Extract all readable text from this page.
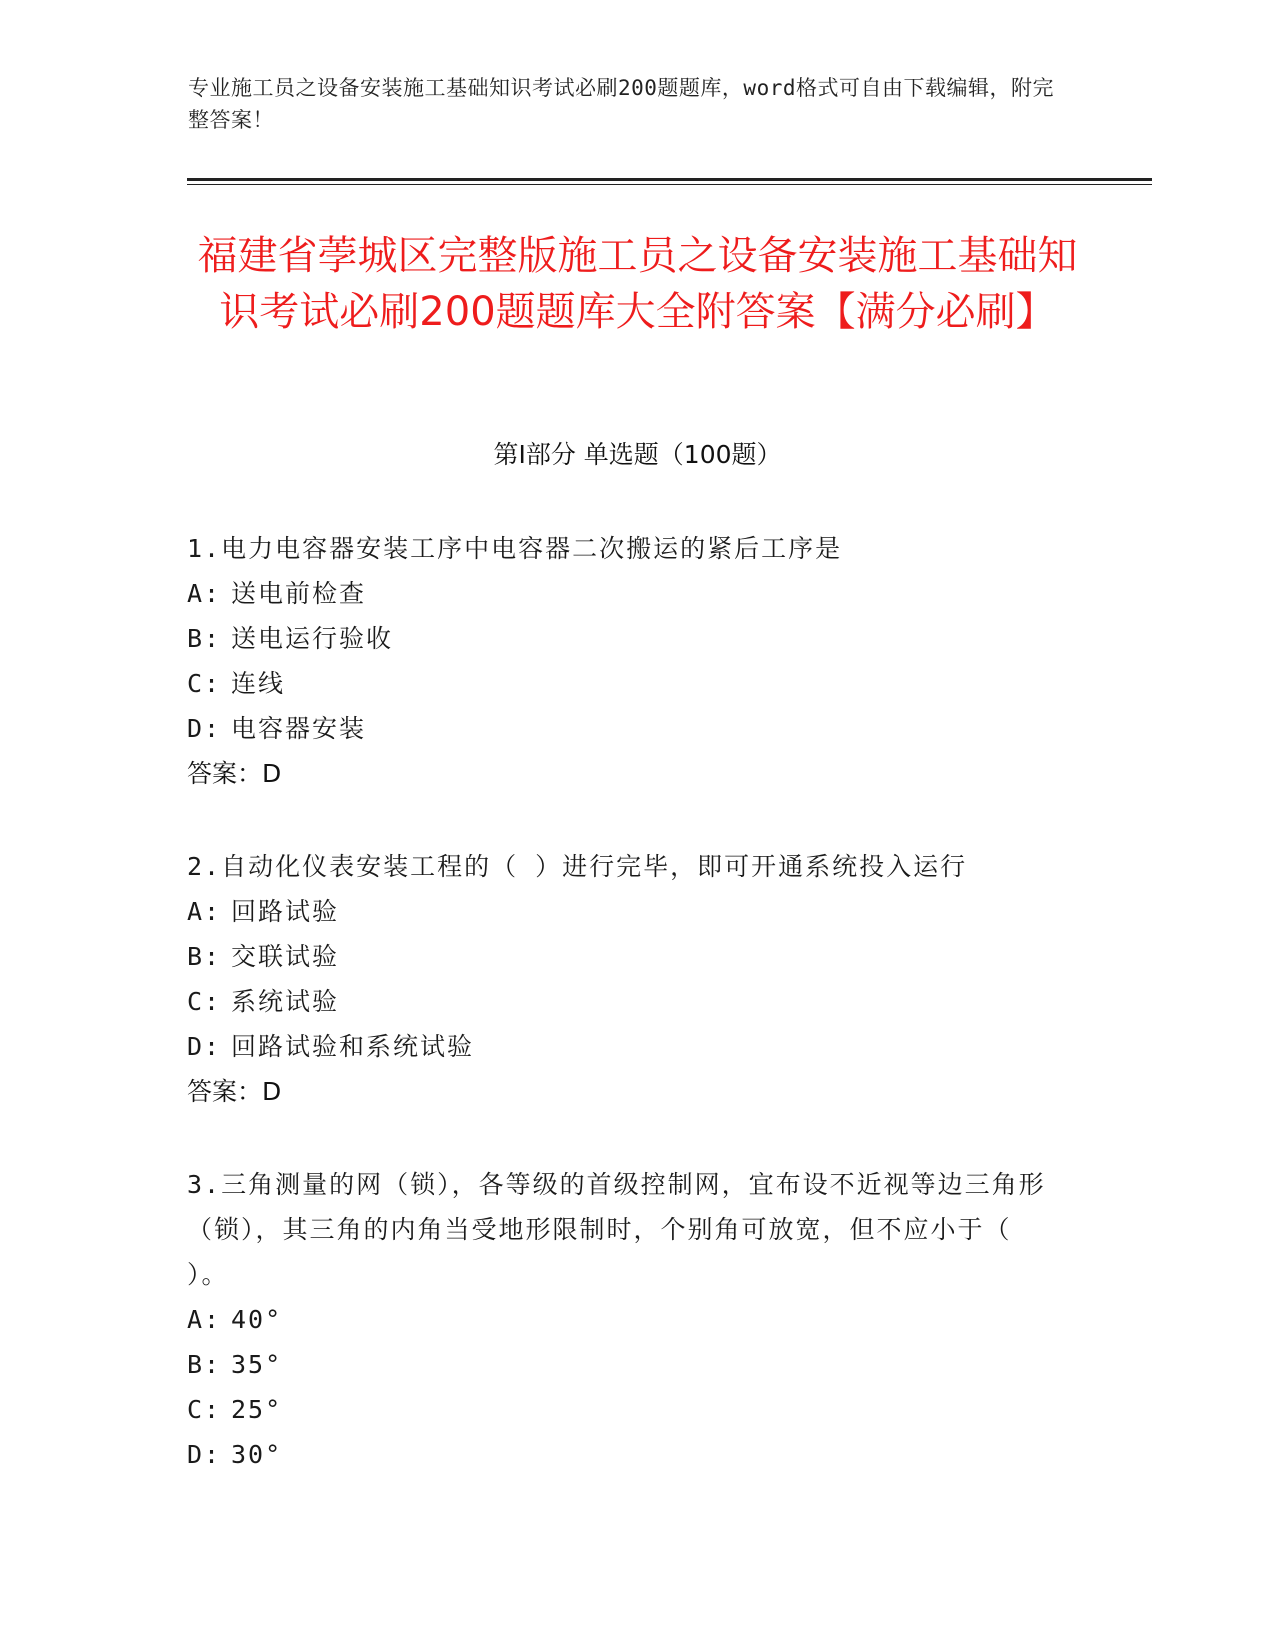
专业施工员之设备安装施工基础知识考试必刷200题题库，word格式可自由下载编辑，附完整答案！
福建省荸城区完整版施工员之设备安装施工基础知识考试必刷200题题库大全附答案【满分必刷】
第Ⅰ部分 单选题（100题）
1.电力电容器安装工序中电容器二次搬运的紧后工序是
A: 送电前检查
B: 送电运行验收
C: 连线
D: 电容器安装
答案：D
2.自动化仪表安装工程的（ ）进行完毕，即可开通系统投入运行
A: 回路试验
B: 交联试验
C: 系统试验
D: 回路试验和系统试验
答案：D
3.三角测量的网（锁），各等级的首级控制网，宜布设不近视等边三角形（锁），其三角的内角当受地形限制时，个别角可放宽，但不应小于（ ）。
A: 40°
B: 35°
C: 25°
D: 30°
